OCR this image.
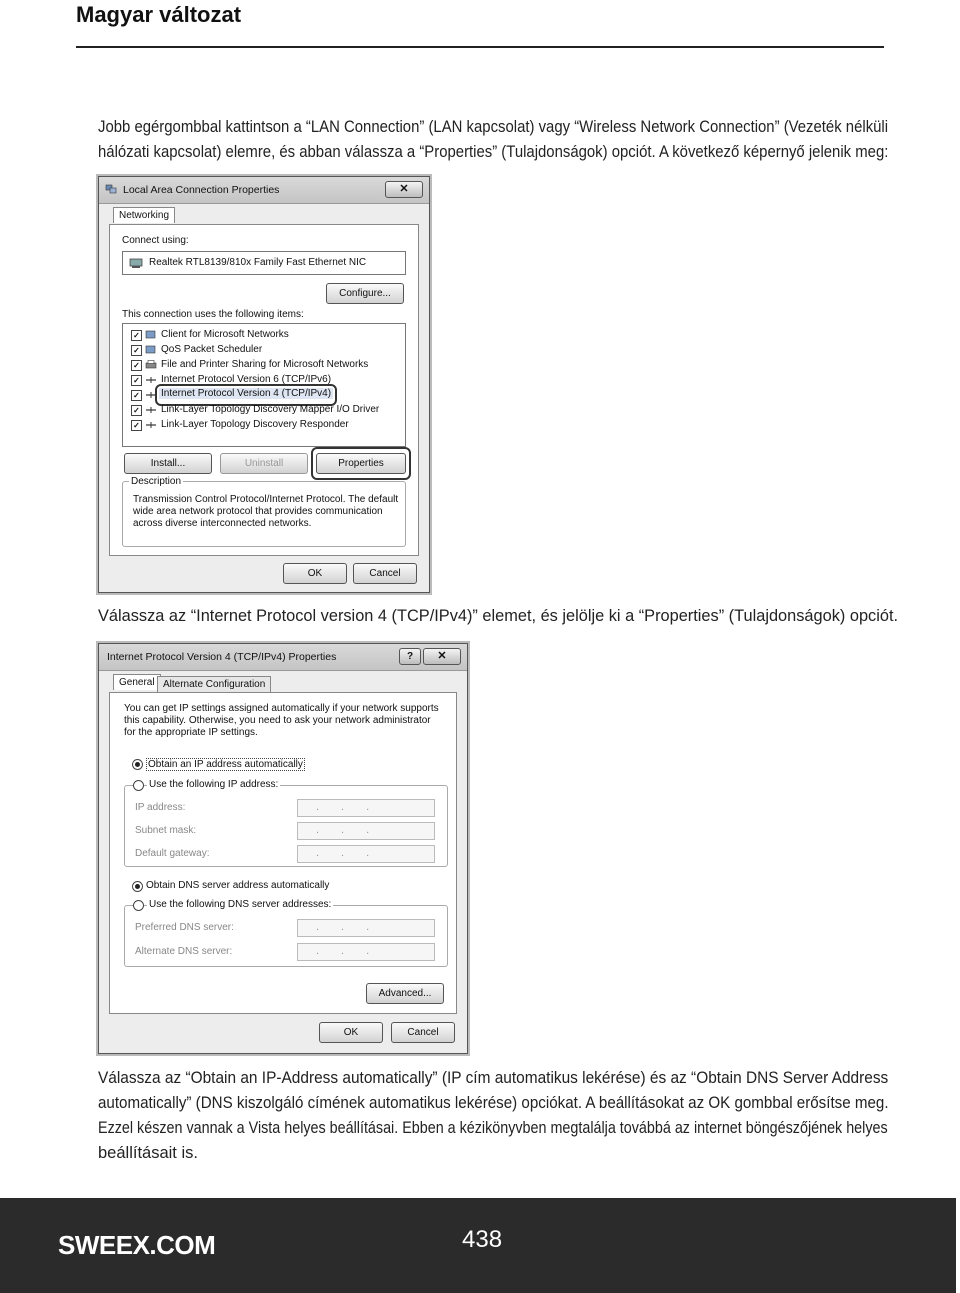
Magyar változat
Jobb egérgombbal kattintson a “LAN Connection” (LAN kapcsolat) vagy “Wireless Network Connection” (Vezeték nélküli
hálózati kapcsolat) elemre, és abban válassza a “Properties” (Tulajdonságok) opciót. A következő képernyő jelenik meg:
Local Area Connection Properties	✕
Networking
Connect using:
Realtek RTL8139/810x Family Fast Ethernet NIC
Configure...
This connection uses the following items:
✓ Client for Microsoft Networks
✓ QoS Packet Scheduler
✓ File and Printer Sharing for Microsoft Networks
✓ Internet Protocol Version 6 (TCP/IPv6)
✓ Internet Protocol Version 4 (TCP/IPv4)
✓ Link-Layer Topology Discovery Mapper I/O Driver
✓ Link-Layer Topology Discovery Responder
Install...	Uninstall	Properties
Description
Transmission Control Protocol/Internet Protocol. The default
wide area network protocol that provides communication
across diverse interconnected networks.
OK	Cancel
Válassza az “Internet Protocol version 4 (TCP/IPv4)” elemet, és jelölje ki a “Properties” (Tulajdonságok) opciót.
Internet Protocol Version 4 (TCP/IPv4) Properties	?	✕
General Alternate Configuration
You can get IP settings assigned automatically if your network supports
this capability. Otherwise, you need to ask your network administrator
for the appropriate IP settings.
Obtain an IP address automatically
Use the following IP address:
IP address:	...
Subnet mask:	...
Default gateway:	...
Obtain DNS server address automatically
Use the following DNS server addresses:
Preferred DNS server:	...
Alternate DNS server:	...
Advanced...
OK	Cancel
Válassza az “Obtain an IP-Address automatically” (IP cím automatikus lekérése) és az “Obtain DNS Server Address
automatically” (DNS kiszolgáló címének automatikus lekérése) opciókat. A beállításokat az OK gombbal erősítse meg.
Ezzel készen vannak a Vista helyes beállításai. Ebben a kézikönyvben megtalálja továbbá az internet böngészőjének helyes
beállításait is.
SWEEX.COM	438
